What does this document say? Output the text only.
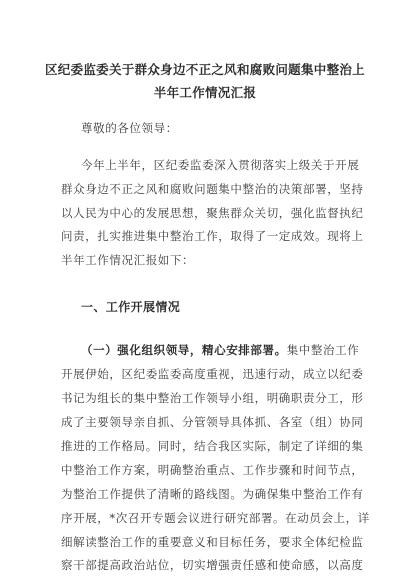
区纪委监委关于群众身边不正之风和腐败问题集中整治上
半年工作情况汇报
尊敬的各位领导：
今年上半年，区纪委监委深入贯彻落实上级关于开展
群众身边不正之风和腐败问题集中整治的决策部署，坚持
以人民为中心的发展思想，聚焦群众关切，强化监督执纪
问责，扎实推进集中整治工作，取得了一定成效。现将上
半年工作情况汇报如下：
一、工作开展情况
（一）强化组织领导，精心安排部署。集中整治工作
开展伊始，区纪委监委高度重视，迅速行动，成立以纪委
书记为组长的集中整治工作领导小组，明确职责分工，形
成了主要领导亲自抓、分管领导具体抓、各室（组）协同
推进的工作格局。同时，结合我区实际，制定了详细的集
中整治工作方案，明确整治重点、工作步骤和时间节点，
为整治工作提供了清晰的路线图。为确保集中整治工作有
序开展，*次召开专题会议进行研究部署。在动员会上，详
细解读整治工作的重要意义和目标任务，要求全体纪检监
察干部提高政治站位，切实增强责任感和使命感，以高度
